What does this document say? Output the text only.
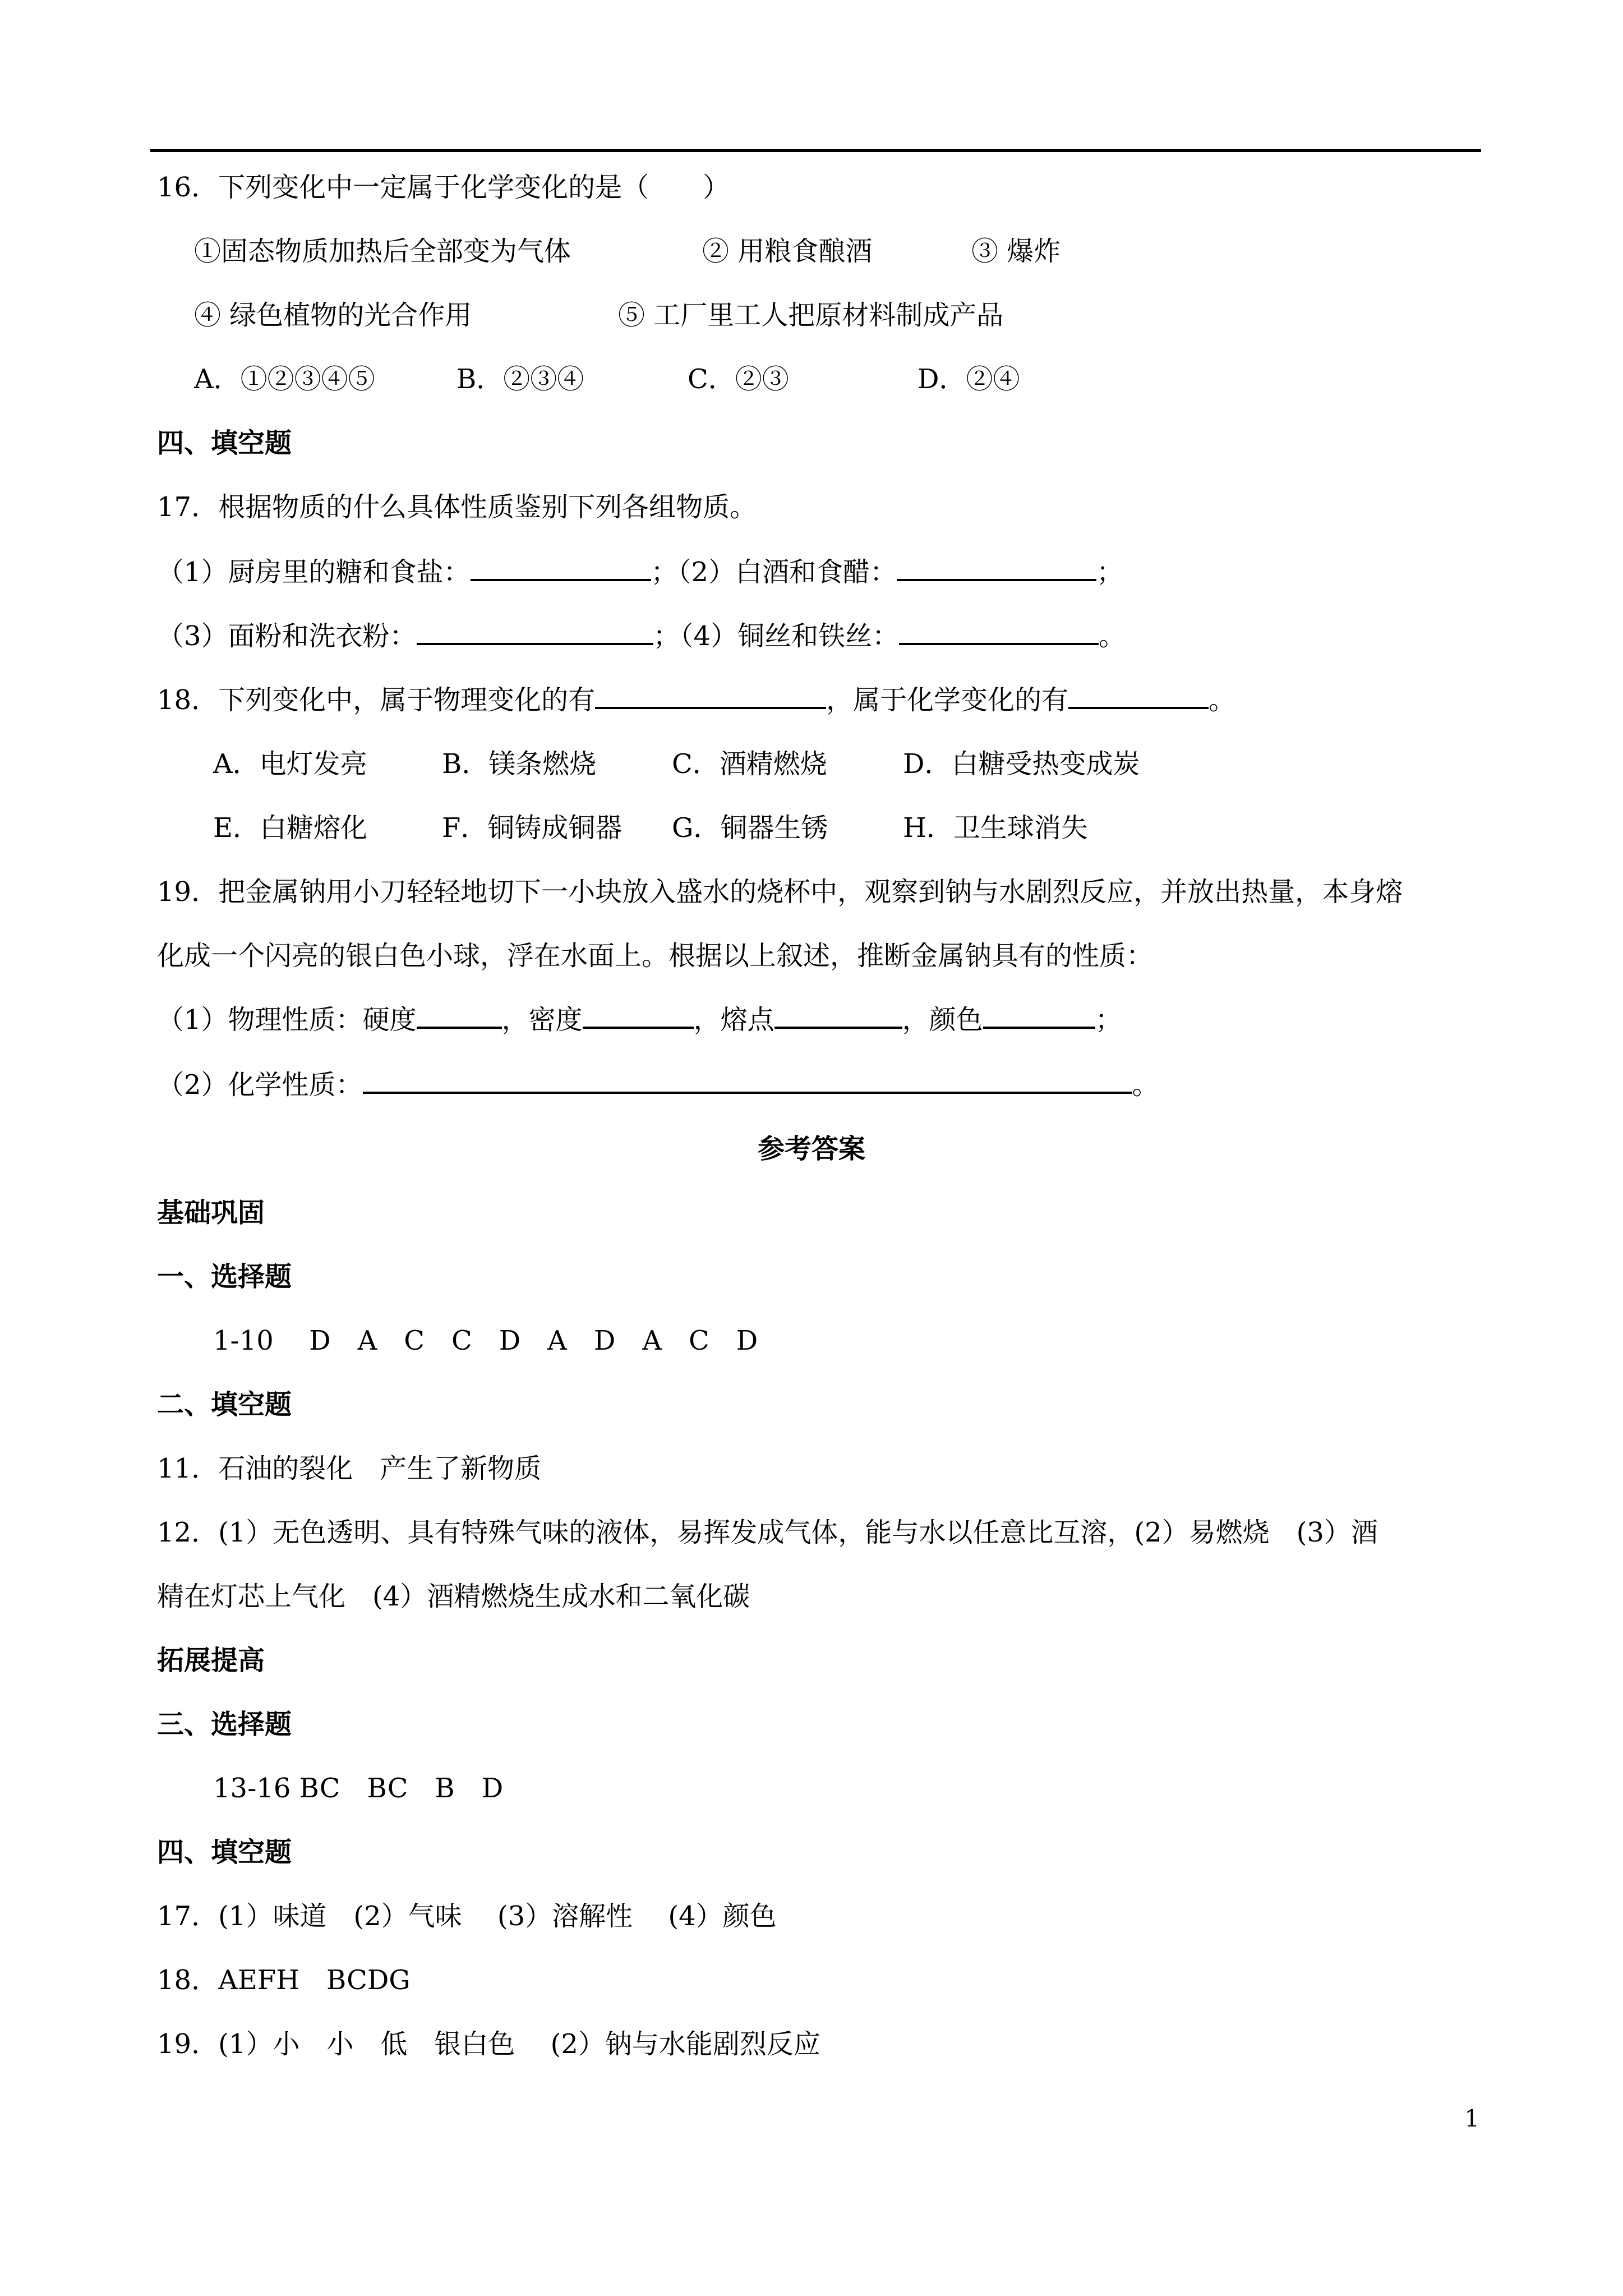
16．下列变化中一定属于化学变化的是（　　）
①固态物质加热后全部变为气体	② 用粮食酿酒	③ 爆炸
④ 绿色植物的光合作用	⑤ 工厂里工人把原材料制成产品
A．①②③④⑤	B．②③④	C．②③	D．②④
四、填空题
17．根据物质的什么具体性质鉴别下列各组物质。
（1）厨房里的糖和食盐：	；（2）白酒和食醋：	；
（3）面粉和洗衣粉：	；（4）铜丝和铁丝：	。
18．下列变化中，属于物理变化的有	，属于化学变化的有	。
A．电灯发亮	B．镁条燃烧	C．酒精燃烧	D．白糖受热变成炭
E．白糖熔化	F．铜铸成铜器 G．铜器生锈	H．卫生球消失
19．把金属钠用小刀轻轻地切下一小块放入盛水的烧杯中，观察到钠与水剧烈反应，并放出热量，本身熔
化成一个闪亮的银白色小球，浮在水面上。根据以上叙述，推断金属钠具有的性质：
（1）物理性质：硬度	，密度	，熔点	，颜色	；
（2）化学性质：	。
参考答案
基础巩固
一、选择题
1-10　 D　A　C　C　D　A　D　A　C　D
二、填空题
11．石油的裂化　产生了新物质
12．(1）无色透明、具有特殊气味的液体，易挥发成气体，能与水以任意比互溶，(2）易燃烧　(3）酒
精在灯芯上气化　(4）酒精燃烧生成水和二氧化碳
拓展提高
三、选择题
13-16 BC　BC　B　D
四、填空题
17．(1）味道　(2）气味　 (3）溶解性　 (4）颜色
18．AEFH　BCDG
19．(1）小　小　低　银白色　 (2）钠与水能剧烈反应
1
